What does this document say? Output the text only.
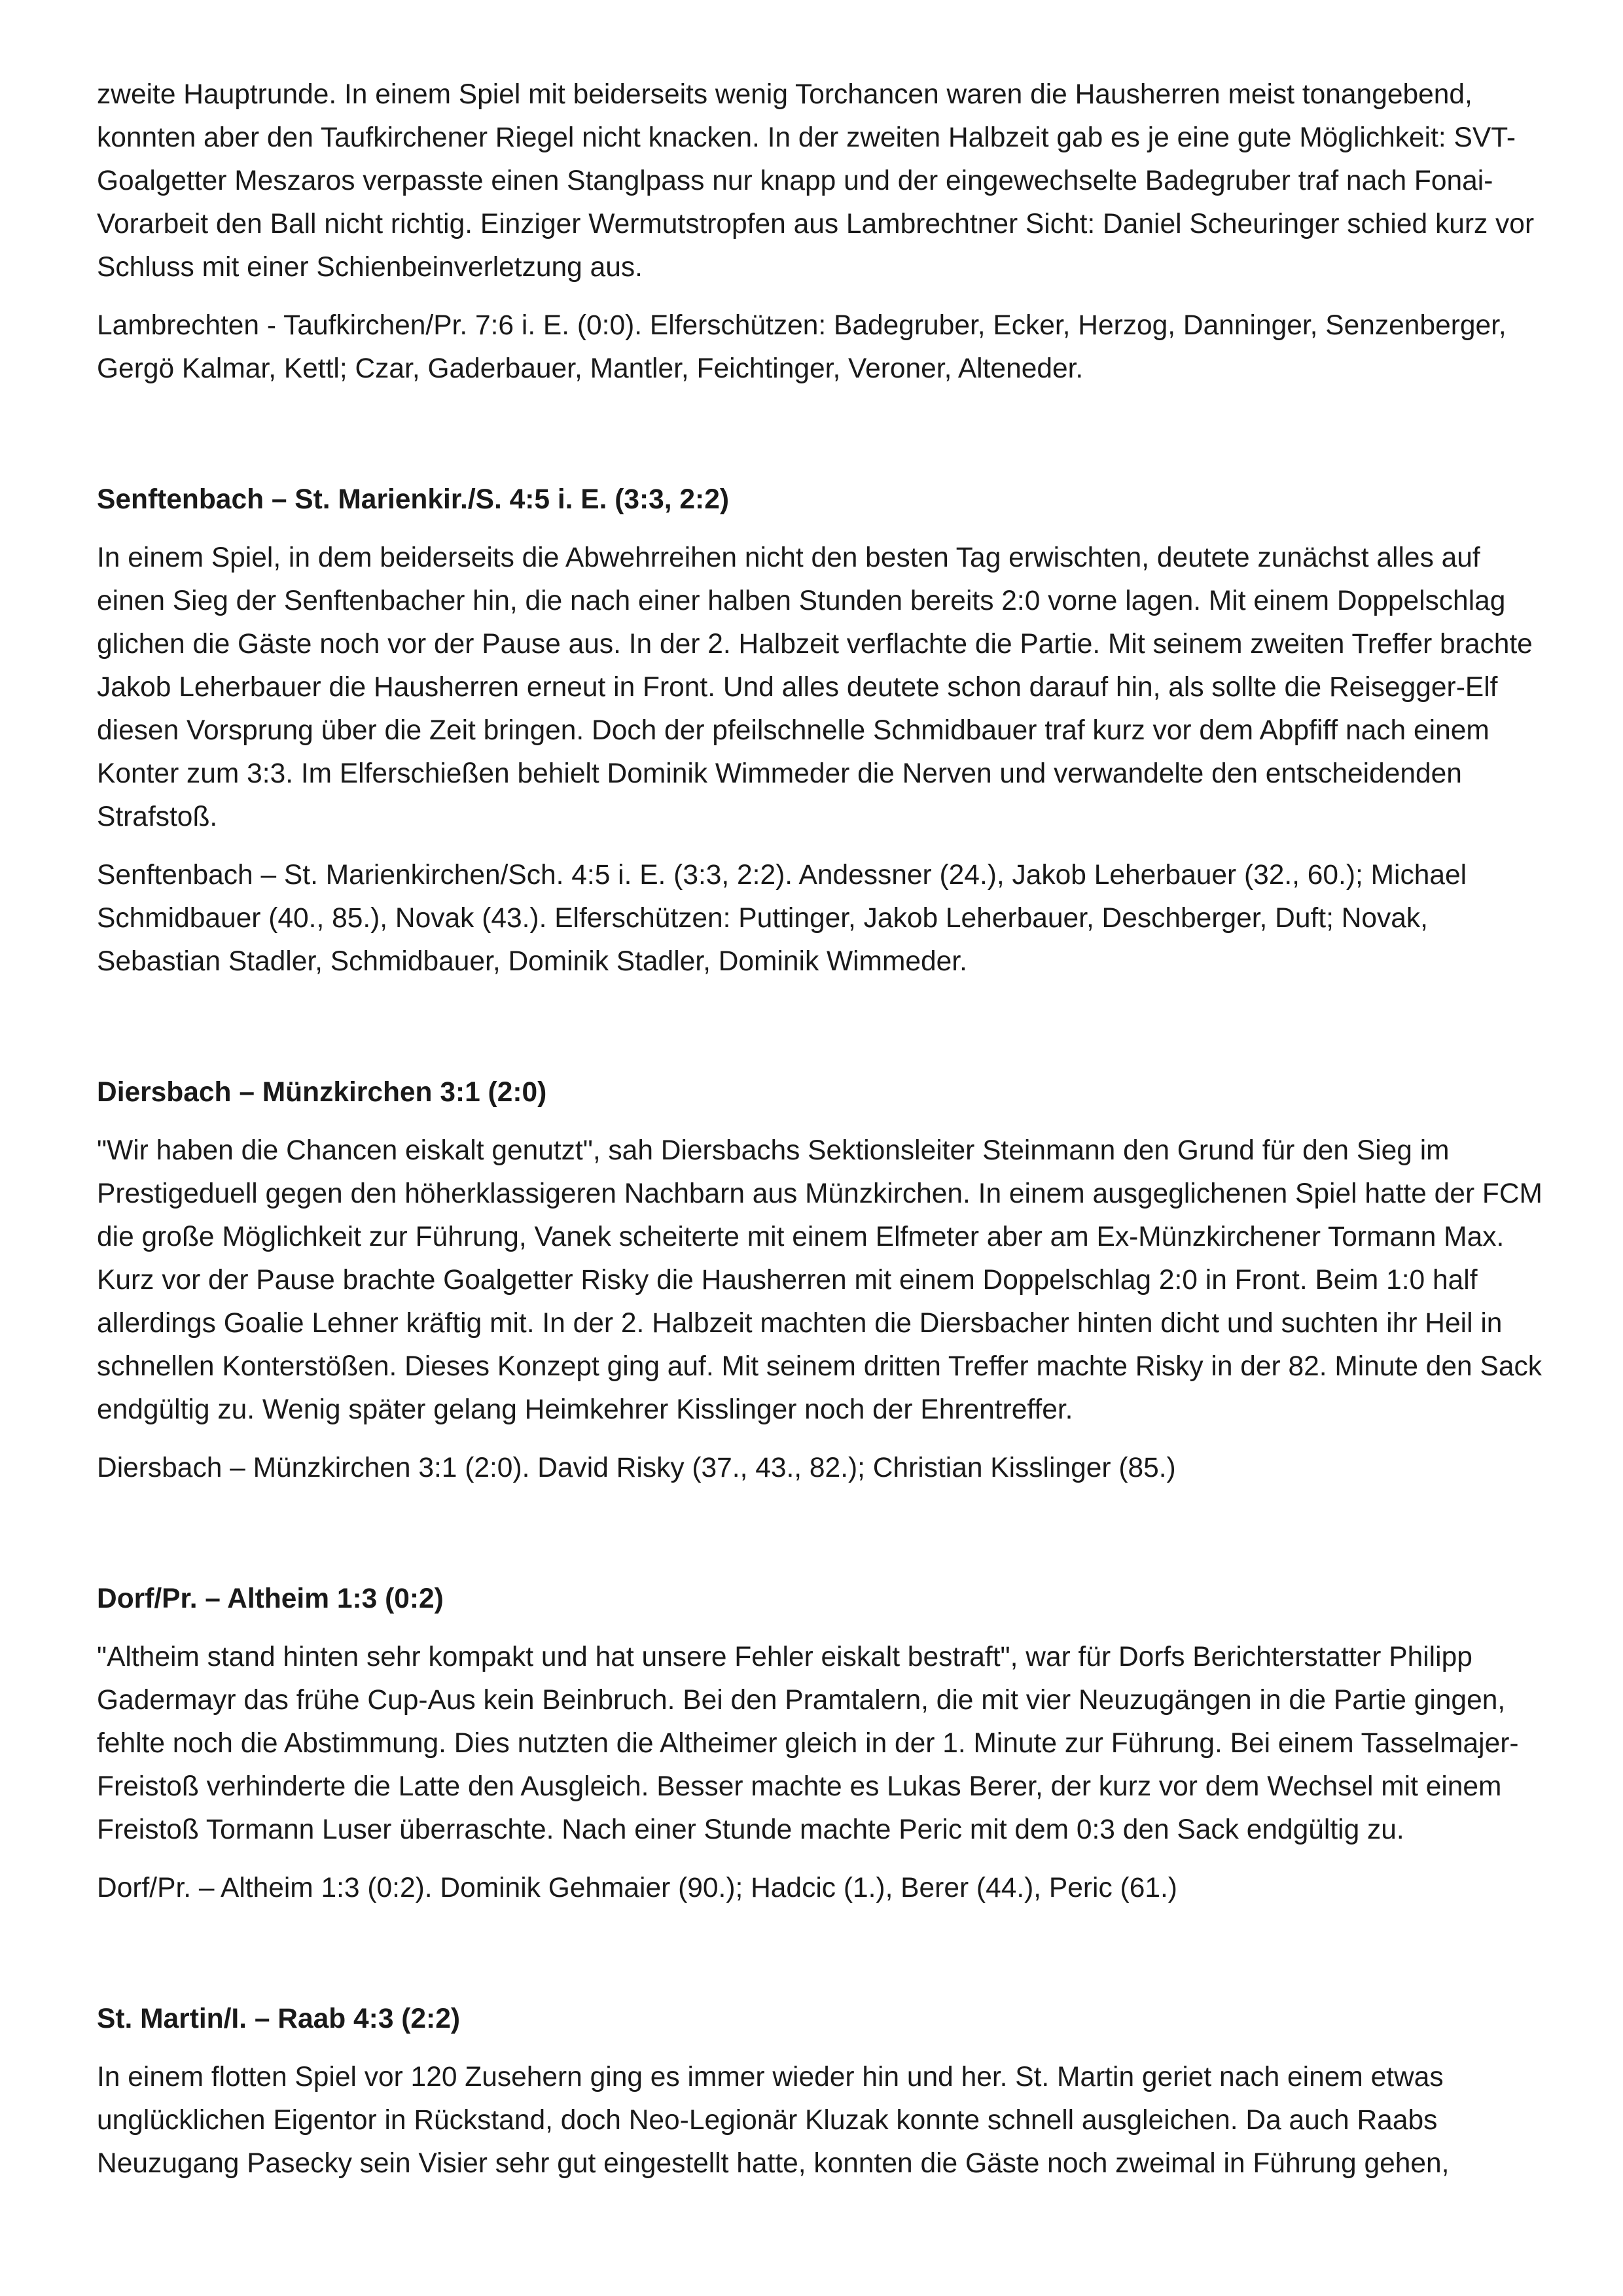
zweite Hauptrunde. In einem Spiel mit beiderseits wenig Torchancen waren die Hausherren meist tonangebend, konnten aber den Taufkirchener Riegel nicht knacken. In der zweiten Halbzeit gab es je eine gute Möglichkeit: SVT-Goalgetter Meszaros verpasste einen Stanglpass nur knapp und der eingewechselte Badegruber traf nach Fonai-Vorarbeit den Ball nicht richtig. Einziger Wermutstropfen aus Lambrechtner Sicht: Daniel Scheuringer schied kurz vor Schluss mit einer Schienbeinverletzung aus.

Lambrechten - Taufkirchen/Pr. 7:6 i. E. (0:0). Elferschützen: Badegruber, Ecker, Herzog, Danninger, Senzenberger, Gergö Kalmar, Kettl; Czar, Gaderbauer, Mantler, Feichtinger, Veroner, Alteneder.

Senftenbach – St. Marienkir./S. 4:5 i. E. (3:3, 2:2)

In einem Spiel, in dem beiderseits die Abwehrreihen nicht den besten Tag erwischten, deutete zunächst alles auf einen Sieg der Senftenbacher hin, die nach einer halben Stunden bereits 2:0 vorne lagen. Mit einem Doppelschlag glichen die Gäste noch vor der Pause aus. In der 2. Halbzeit verflachte die Partie. Mit seinem zweiten Treffer brachte Jakob Leherbauer die Hausherren erneut in Front. Und alles deutete schon darauf hin, als sollte die Reisegger-Elf diesen Vorsprung über die Zeit bringen. Doch der pfeilschnelle Schmidbauer traf kurz vor dem Abpfiff nach einem Konter zum 3:3. Im Elferschießen behielt Dominik Wimmeder die Nerven und verwandelte den entscheidenden Strafstoß.

Senftenbach – St. Marienkirchen/Sch. 4:5 i. E. (3:3, 2:2). Andessner (24.), Jakob Leherbauer (32., 60.); Michael Schmidbauer (40., 85.), Novak (43.). Elferschützen: Puttinger, Jakob Leherbauer, Deschberger, Duft; Novak, Sebastian Stadler, Schmidbauer, Dominik Stadler, Dominik Wimmeder.

Diersbach – Münzkirchen 3:1 (2:0)

"Wir haben die Chancen eiskalt genutzt", sah Diersbachs Sektionsleiter Steinmann den Grund für den Sieg im Prestigeduell gegen den höherklassigeren Nachbarn aus Münzkirchen. In einem ausgeglichenen Spiel hatte der FCM die große Möglichkeit zur Führung, Vanek scheiterte mit einem Elfmeter aber am Ex-Münzkirchener Tormann Max. Kurz vor der Pause brachte Goalgetter Risky die Hausherren mit einem Doppelschlag 2:0 in Front. Beim 1:0 half allerdings Goalie Lehner kräftig mit. In der 2. Halbzeit machten die Diersbacher hinten dicht und suchten ihr Heil in schnellen Konterstößen. Dieses Konzept ging auf. Mit seinem dritten Treffer machte Risky in der 82. Minute den Sack endgültig zu. Wenig später gelang Heimkehrer Kisslinger noch der Ehrentreffer.

Diersbach – Münzkirchen 3:1 (2:0). David Risky (37., 43., 82.); Christian Kisslinger (85.)

Dorf/Pr. – Altheim 1:3 (0:2)

"Altheim stand hinten sehr kompakt und hat unsere Fehler eiskalt bestraft", war für Dorfs Berichterstatter Philipp Gadermayr das frühe Cup-Aus kein Beinbruch. Bei den Pramtalern, die mit vier Neuzugängen in die Partie gingen, fehlte noch die Abstimmung. Dies nutzten die Altheimer gleich in der 1. Minute zur Führung. Bei einem Tasselmajer-Freistoß verhinderte die Latte den Ausgleich. Besser machte es Lukas Berer, der kurz vor dem Wechsel mit einem Freistoß Tormann Luser überraschte. Nach einer Stunde machte Peric mit dem 0:3 den Sack endgültig zu.

Dorf/Pr. – Altheim 1:3 (0:2). Dominik Gehmaier (90.); Hadcic (1.), Berer (44.), Peric (61.)

St. Martin/I. – Raab 4:3 (2:2)

In einem flotten Spiel vor 120 Zusehern ging es immer wieder hin und her. St. Martin geriet nach einem etwas unglücklichen Eigentor in Rückstand, doch Neo-Legionär Kluzak konnte schnell ausgleichen. Da auch Raabs Neuzugang Pasecky sein Visier sehr gut eingestellt hatte, konnten die Gäste noch zweimal in Führung gehen,
